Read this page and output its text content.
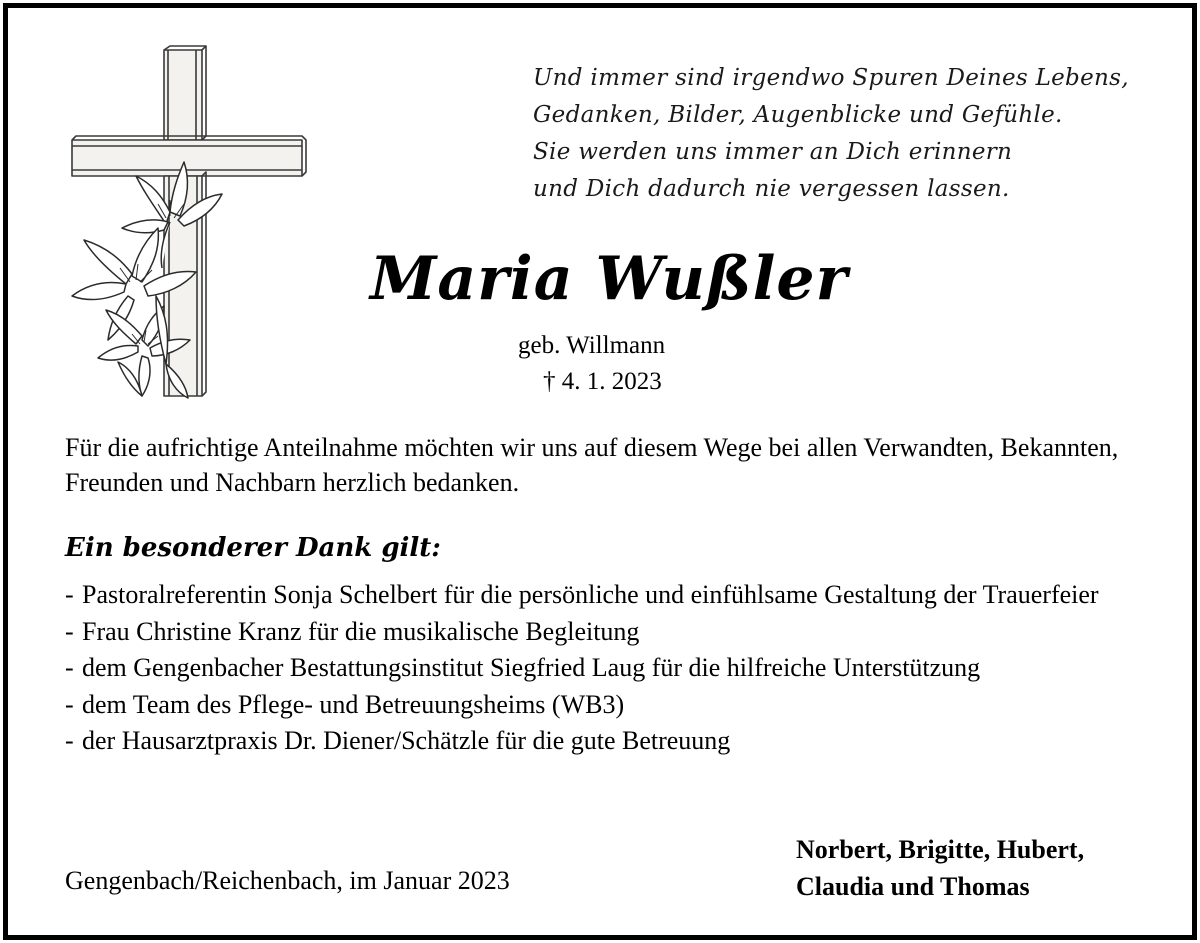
Und immer sind irgendwo Spuren Deines Lebens,
Gedanken, Bilder, Augenblicke und Gefühle.
Sie werden uns immer an Dich erinnern
und Dich dadurch nie vergessen lassen.
Maria Wußler
geb. Willmann
† 4. 1. 2023
Für die aufrichtige Anteilnahme möchten wir uns auf diesem Wege bei allen Verwandten, Bekannten, Freunden und Nachbarn herzlich bedanken.
Ein besonderer Dank gilt:
- Pastoralreferentin Sonja Schelbert für die persönliche und einfühlsame Gestaltung der Trauerfeier
- Frau Christine Kranz für die musikalische Begleitung
- dem Gengenbacher Bestattungsinstitut Siegfried Laug für die hilfreiche Unterstützung
- dem Team des Pflege- und Betreuungsheims (WB3)
- der Hausarztpraxis Dr. Diener/Schätzle für die gute Betreuung
Gengenbach/Reichenbach, im Januar 2023
Norbert, Brigitte, Hubert,
Claudia und Thomas
